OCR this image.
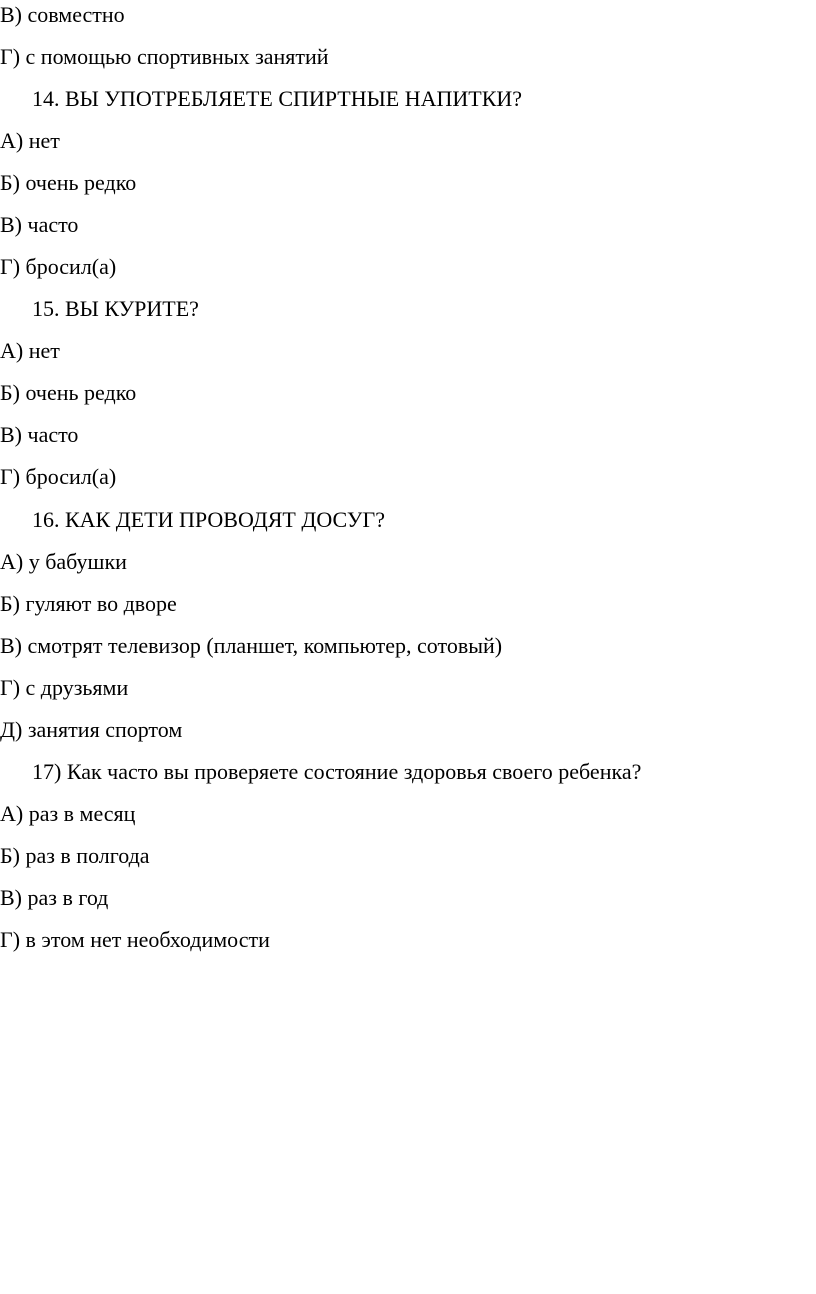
В) совместно
Г) с помощью спортивных занятий
14. ВЫ УПОТРЕБЛЯЕТЕ СПИРТНЫЕ НАПИТКИ?
А) нет
Б) очень редко
В) часто
Г) бросил(а)
15. ВЫ КУРИТЕ?
А) нет
Б) очень редко
В) часто
Г) бросил(а)
16. КАК ДЕТИ ПРОВОДЯТ ДОСУГ?
А) у бабушки
Б) гуляют во дворе
В) смотрят телевизор (планшет, компьютер, сотовый)
Г) с друзьями
Д) занятия спортом
17) Как часто вы проверяете состояние здоровья своего ребенка?
А) раз в месяц
Б) раз в полгода
В) раз в год
Г) в этом нет необходимости
